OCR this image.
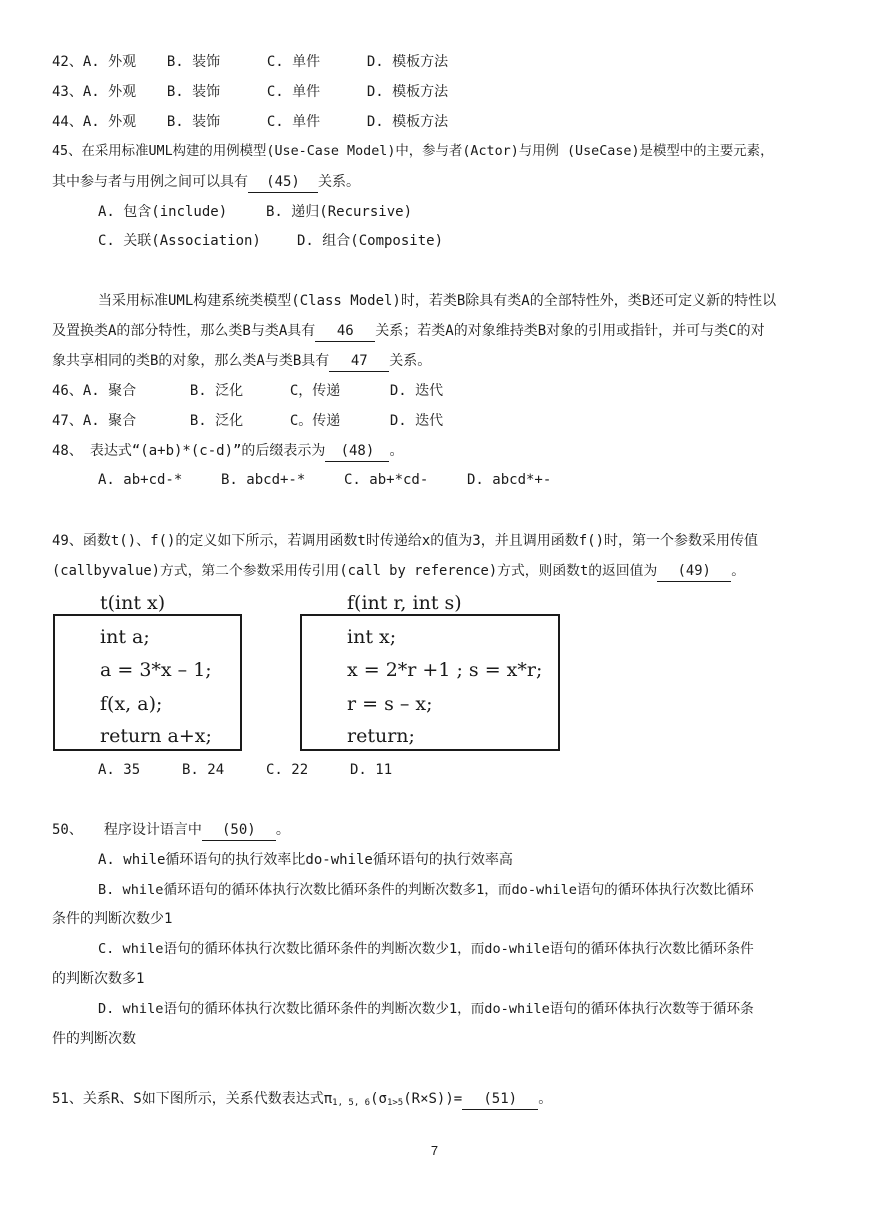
42、A. 外观 B. 装饰	C. 单件	D. 模板方法
43、A. 外观 B. 装饰	C. 单件	D. 模板方法
44、A. 外观 B. 装饰	C. 单件	D. 模板方法
45、在采用标准UML构建的用例模型(Use-Case Model)中，参与者(Actor)与用例 (UseCase)是模型中的主要元素，
其中参与者与用例之间可以具有 (45) 关系。
A. 包含(include)	B. 递归(Recursive)
C. 关联(Association)	D. 组合(Composite)
当采用标准UML构建系统类模型(Class Model)时，若类B除具有类A的全部特性外，类B还可定义新的特性以
及置换类A的部分特性，那么类B与类A具有 46 关系；若类A的对象维持类B对象的引用或指针，并可与类C的对
象共享相同的类B的对象，那么类A与类B具有 47 关系。
46、A. 聚合	B. 泛化	C，传递	D. 迭代
47、A. 聚合	B. 泛化	C。传递	D. 迭代
48、　表达式“(a+b)*(c-d)”的后缀表示为 (48) 。
A. ab+cd-*	B. abcd+-*	C. ab+*cd-	D. abcd*+-
49、函数t()、f()的定义如下所示，若调用函数t时传递给x的值为3，并且调用函数f()时，第一个参数采用传值
(callbyvalue)方式，第二个参数采用传引用(call by reference)方式，则函数t的返回值为 (49) 。
t(int x)
int a;
a = 3*x – 1;
f(x, a);
return a+x;
f(int r, int s)
int x;
x = 2*r +1 ; s = x*r;
r = s – x;
return;
A. 35	B. 24	C. 22	D. 11
50、　　程序设计语言中 (50) 。
A. while循环语句的执行效率比do-while循环语句的执行效率高
B. while循环语句的循环体执行次数比循环条件的判断次数多1，而do-while语句的循环体执行次数比循环
条件的判断次数少1
C. while语句的循环体执行次数比循环条件的判断次数少1，而do-while语句的循环体执行次数比循环条件
的判断次数多1
D. while语句的循环体执行次数比循环条件的判断次数少1，而do-while语句的循环体执行次数等于循环条
件的判断次数
51、关系R、S如下图所示，关系代数表达式$\pi_{1, 5, 6}(\sigma_{1>5}(R\times S))= (51)$ 。
7
